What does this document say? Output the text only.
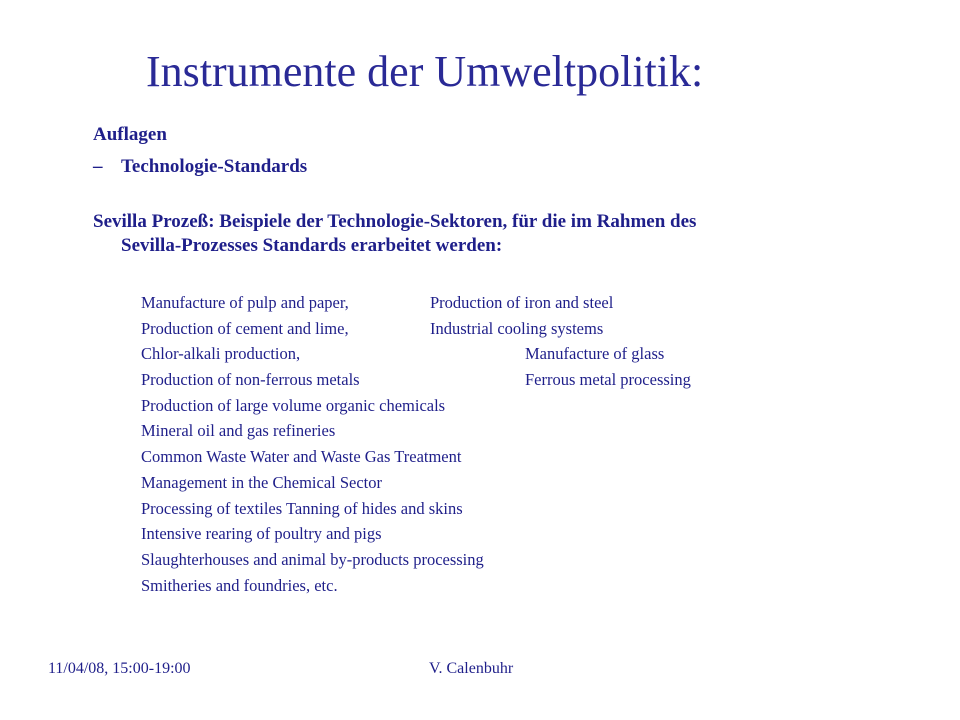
Instrumente der Umweltpolitik:
Auflagen
– Technologie-Standards
Sevilla Prozeß: Beispiele der Technologie-Sektoren, für die im Rahmen des
Sevilla-Prozesses Standards erarbeitet werden:
Manufacture of pulp and paper,	Production of iron and steel
Production of cement and lime,	Industrial cooling systems
Chlor-alkali production,	Manufacture of glass
Production of non-ferrous metals	Ferrous metal processing
Production of large volume organic chemicals
Mineral oil and gas refineries
Common Waste Water and Waste Gas Treatment
Management in the Chemical Sector
Processing of textiles Tanning of hides and skins
Intensive rearing of poultry and pigs
Slaughterhouses and animal by-products processing
Smitheries and foundries, etc.
11/04/08, 15:00-19:00	V. Calenbuhr
